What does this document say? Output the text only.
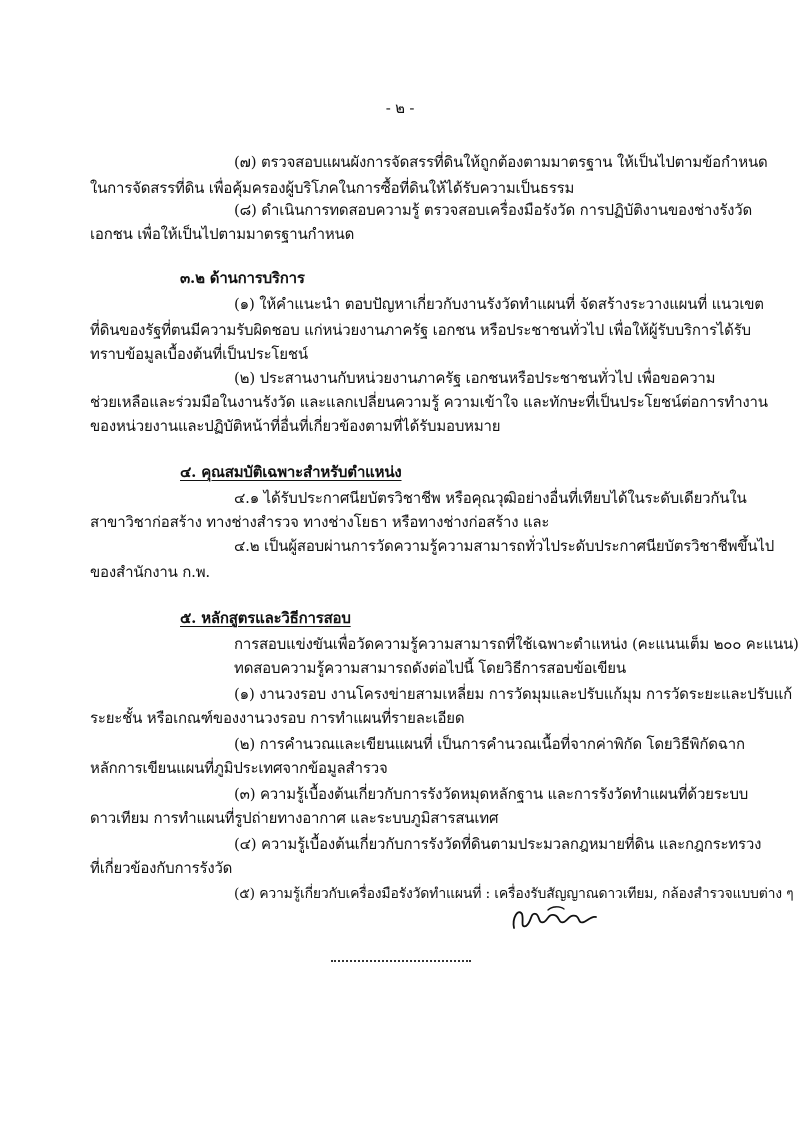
- ๒ -
(๗) ตรวจสอบแผนผังการจัดสรรที่ดินให้ถูกต้องตามมาตรฐาน ให้เป็นไปตามข้อกำหนด
ในการจัดสรรที่ดิน เพื่อคุ้มครองผู้บริโภคในการซื้อที่ดินให้ได้รับความเป็นธรรม
(๘) ดำเนินการทดสอบความรู้ ตรวจสอบเครื่องมือรังวัด การปฏิบัติงานของช่างรังวัด
เอกชน เพื่อให้เป็นไปตามมาตรฐานกำหนด
๓.๒ ด้านการบริการ
(๑) ให้คำแนะนำ ตอบปัญหาเกี่ยวกับงานรังวัดทำแผนที่ จัดสร้างระวางแผนที่ แนวเขต
ที่ดินของรัฐที่ตนมีความรับผิดชอบ แก่หน่วยงานภาครัฐ เอกชน หรือประชาชนทั่วไป เพื่อให้ผู้รับบริการได้รับ
ทราบข้อมูลเบื้องต้นที่เป็นประโยชน์
(๒) ประสานงานกับหน่วยงานภาครัฐ เอกชนหรือประชาชนทั่วไป เพื่อขอความ
ช่วยเหลือและร่วมมือในงานรังวัด และแลกเปลี่ยนความรู้ ความเข้าใจ และทักษะที่เป็นประโยชน์ต่อการทำงาน
ของหน่วยงานและปฏิบัติหน้าที่อื่นที่เกี่ยวข้องตามที่ได้รับมอบหมาย
๔. คุณสมบัติเฉพาะสำหรับตำแหน่ง
๔.๑ ได้รับประกาศนียบัตรวิชาชีพ หรือคุณวุฒิอย่างอื่นที่เทียบได้ในระดับเดียวกันใน
สาขาวิชาก่อสร้าง ทางช่างสำรวจ ทางช่างโยธา หรือทางช่างก่อสร้าง และ
๔.๒ เป็นผู้สอบผ่านการวัดความรู้ความสามารถทั่วไประดับประกาศนียบัตรวิชาชีพขึ้นไป
ของสำนักงาน ก.พ.
๕. หลักสูตรและวิธีการสอบ
การสอบแข่งขันเพื่อวัดความรู้ความสามารถที่ใช้เฉพาะตำแหน่ง (คะแนนเต็ม ๒๐๐ คะแนน)
ทดสอบความรู้ความสามารถดังต่อไปนี้ โดยวิธีการสอบข้อเขียน
(๑) งานวงรอบ งานโครงข่ายสามเหลี่ยม การวัดมุมและปรับแก้มุม การวัดระยะและปรับแก้
ระยะชั้น หรือเกณฑ์ของงานวงรอบ การทำแผนที่รายละเอียด
(๒) การคำนวณและเขียนแผนที่ เป็นการคำนวณเนื้อที่จากค่าพิกัด โดยวิธีพิกัดฉาก
หลักการเขียนแผนที่ภูมิประเทศจากข้อมูลสำรวจ
(๓) ความรู้เบื้องต้นเกี่ยวกับการรังวัดหมุดหลักฐาน และการรังวัดทำแผนที่ด้วยระบบ
ดาวเทียม การทำแผนที่รูปถ่ายทางอากาศ และระบบภูมิสารสนเทศ
(๔) ความรู้เบื้องต้นเกี่ยวกับการรังวัดที่ดินตามประมวลกฎหมายที่ดิน และกฎกระทรวง
ที่เกี่ยวข้องกับการรังวัด
(๕) ความรู้เกี่ยวกับเครื่องมือรังวัดทำแผนที่ : เครื่องรับสัญญาณดาวเทียม, กล้องสำรวจแบบต่าง ๆ
